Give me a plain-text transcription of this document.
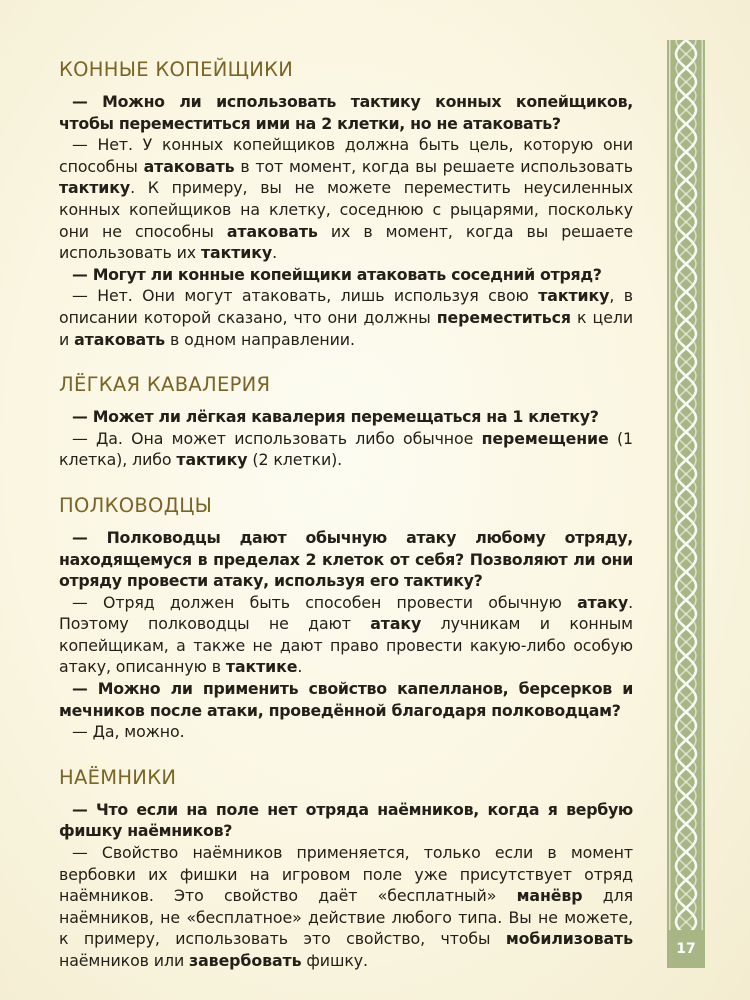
КОННЫЕ КОПЕЙЩИКИ

— Можно ли использовать тактику конных копейщиков, чтобы переместиться ими на 2 клетки, но не атаковать?

— Нет. У конных копейщиков должна быть цель, которую они способны атаковать в тот момент, когда вы решаете использовать тактику. К примеру, вы не можете переместить неусиленных конных копейщиков на клетку, соседнюю с рыцарями, поскольку они не способны атаковать их в момент, когда вы решаете использовать их тактику.

— Могут ли конные копейщики атаковать соседний отряд?

— Нет. Они могут атаковать, лишь используя свою тактику, в описании которой сказано, что они должны переместиться к цели и атаковать в одном направлении.

ЛЁГКАЯ КАВАЛЕРИЯ

— Может ли лёгкая кавалерия перемещаться на 1 клетку?

— Да. Она может использовать либо обычное перемещение (1 клетка), либо тактику (2 клетки).

ПОЛКОВОДЦЫ

— Полководцы дают обычную атаку любому отряду, находящемуся в пределах 2 клеток от себя? Позволяют ли они отряду провести атаку, используя его тактику?

— Отряд должен быть способен провести обычную атаку. Поэтому полководцы не дают атаку лучникам и конным копейщикам, а также не дают право провести какую-либо особую атаку, описанную в тактике.

— Можно ли применить свойство капелланов, берсерков и мечников после атаки, проведённой благодаря полководцам?

— Да, можно.

НАЁМНИКИ

— Что если на поле нет отряда наёмников, когда я вербую фишку наёмников?

— Свойство наёмников применяется, только если в момент вербовки их фишки на игровом поле уже присутствует отряд наёмников. Это свойство даёт «бесплатный» манёвр для наёмников, не «бесплатное» действие любого типа. Вы не можете, к примеру, использовать это свойство, чтобы мобилизовать наёмников или завербовать фишку.

17
